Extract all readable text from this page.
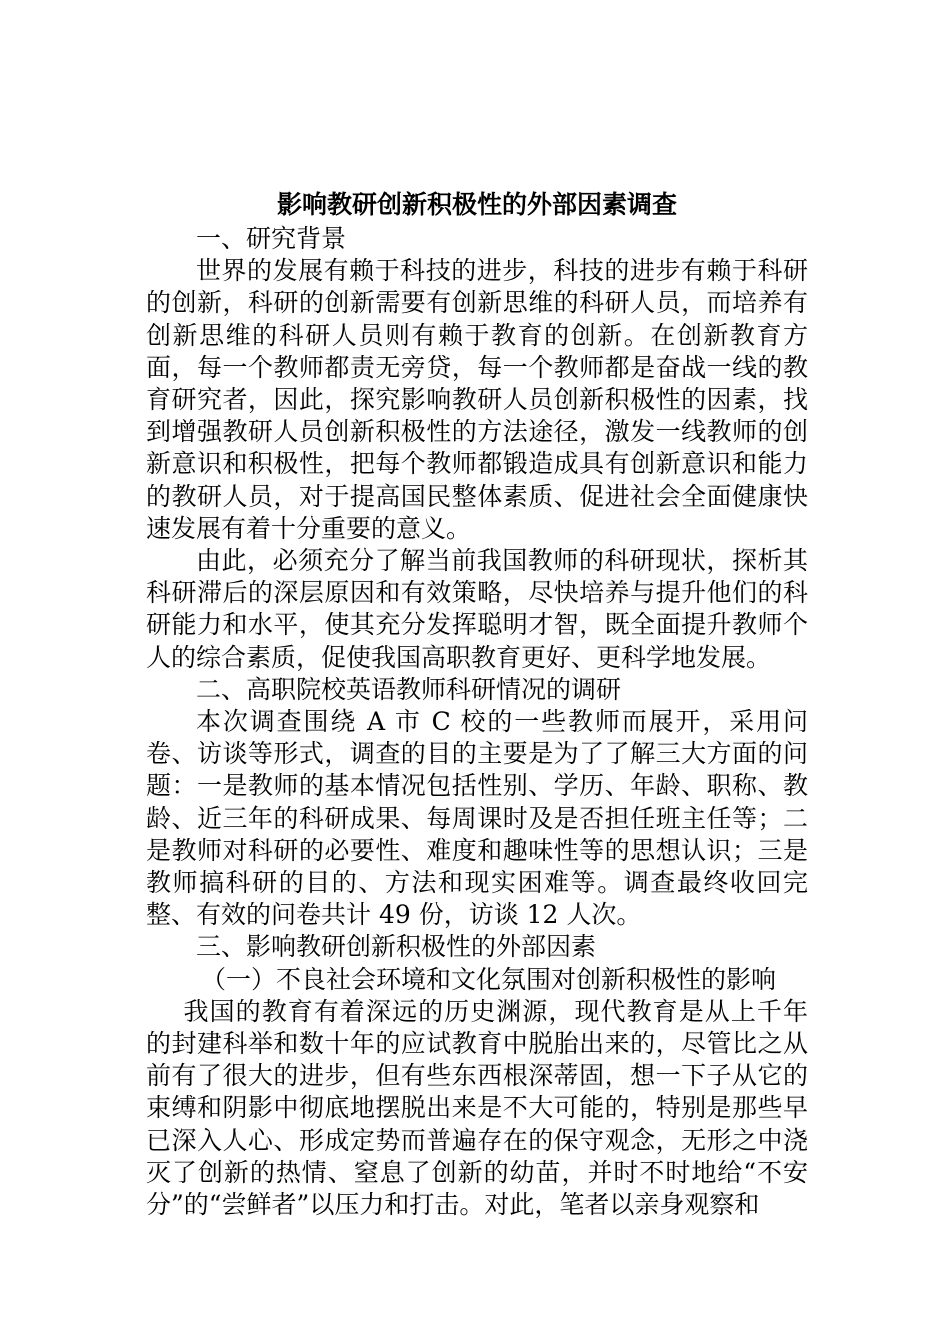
影响教研创新积极性的外部因素调查

一、研究背景

世界的发展有赖于科技的进步，科技的进步有赖于科研的创新，科研的创新需要有创新思维的科研人员，而培养有创新思维的科研人员则有赖于教育的创新。在创新教育方面，每一个教师都责无旁贷，每一个教师都是奋战一线的教育研究者，因此，探究影响教研人员创新积极性的因素，找到增强教研人员创新积极性的方法途径，激发一线教师的创新意识和积极性，把每个教师都锻造成具有创新意识和能力的教研人员，对于提高国民整体素质、促进社会全面健康快速发展有着十分重要的意义。

由此，必须充分了解当前我国教师的科研现状，探析其科研滞后的深层原因和有效策略，尽快培养与提升他们的科研能力和水平，使其充分发挥聪明才智，既全面提升教师个人的综合素质，促使我国高职教育更好、更科学地发展。

二、高职院校英语教师科研情况的调研

本次调查围绕 A 市 C 校的一些教师而展开，采用问卷、访谈等形式，调查的目的主要是为了了解三大方面的问题：一是教师的基本情况包括性别、学历、年龄、职称、教龄、近三年的科研成果、每周课时及是否担任班主任等；二是教师对科研的必要性、难度和趣味性等的思想认识；三是教师搞科研的目的、方法和现实困难等。调查最终收回完整、有效的问卷共计 49 份，访谈 12 人次。

三、影响教研创新积极性的外部因素

（一）不良社会环境和文化氛围对创新积极性的影响

我国的教育有着深远的历史渊源，现代教育是从上千年的封建科举和数十年的应试教育中脱胎出来的，尽管比之从前有了很大的进步，但有些东西根深蒂固，想一下子从它的束缚和阴影中彻底地摆脱出来是不大可能的，特别是那些早已深入人心、形成定势而普遍存在的保守观念，无形之中浇灭了创新的热情、窒息了创新的幼苗，并时不时地给“不安分”的“尝鲜者”以压力和打击。对此，笔者以亲身观察和
